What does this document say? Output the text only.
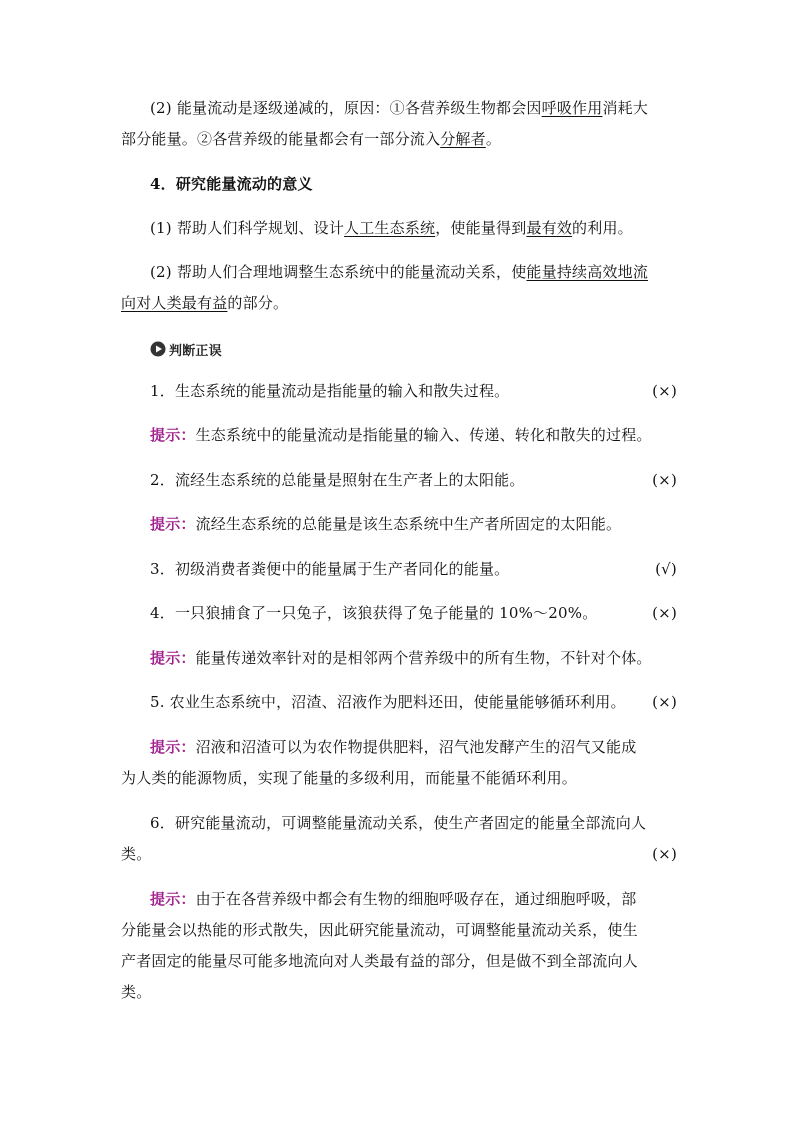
(2) 能量流动是逐级递减的，原因：①各营养级生物都会因呼吸作用消耗大
部分能量。②各营养级的能量都会有一部分流入分解者。
4．研究能量流动的意义
(1) 帮助人们科学规划、设计人工生态系统，使能量得到最有效的利用。
(2) 帮助人们合理地调整生态系统中的能量流动关系，使能量持续高效地流
向对人类最有益的部分。
判断正误
1．生态系统的能量流动是指能量的输入和散失过程。	(×)
提示：生态系统中的能量流动是指能量的输入、传递、转化和散失的过程。
2．流经生态系统的总能量是照射在生产者上的太阳能。	(×)
提示：流经生态系统的总能量是该生态系统中生产者所固定的太阳能。
3．初级消费者粪便中的能量属于生产者同化的能量。	(√)
4．一只狼捕食了一只兔子，该狼获得了兔子能量的 10%～20%。	(×)
提示：能量传递效率针对的是相邻两个营养级中的所有生物，不针对个体。
5. 农业生态系统中，沼渣、沼液作为肥料还田，使能量能够循环利用。 (×)
提示：沼液和沼渣可以为农作物提供肥料，沼气池发酵产生的沼气又能成
为人类的能源物质，实现了能量的多级利用，而能量不能循环利用。
6．研究能量流动，可调整能量流动关系，使生产者固定的能量全部流向人
类。	(×)
提示：由于在各营养级中都会有生物的细胞呼吸存在，通过细胞呼吸，部
分能量会以热能的形式散失，因此研究能量流动，可调整能量流动关系，使生
产者固定的能量尽可能多地流向对人类最有益的部分，但是做不到全部流向人
类。
